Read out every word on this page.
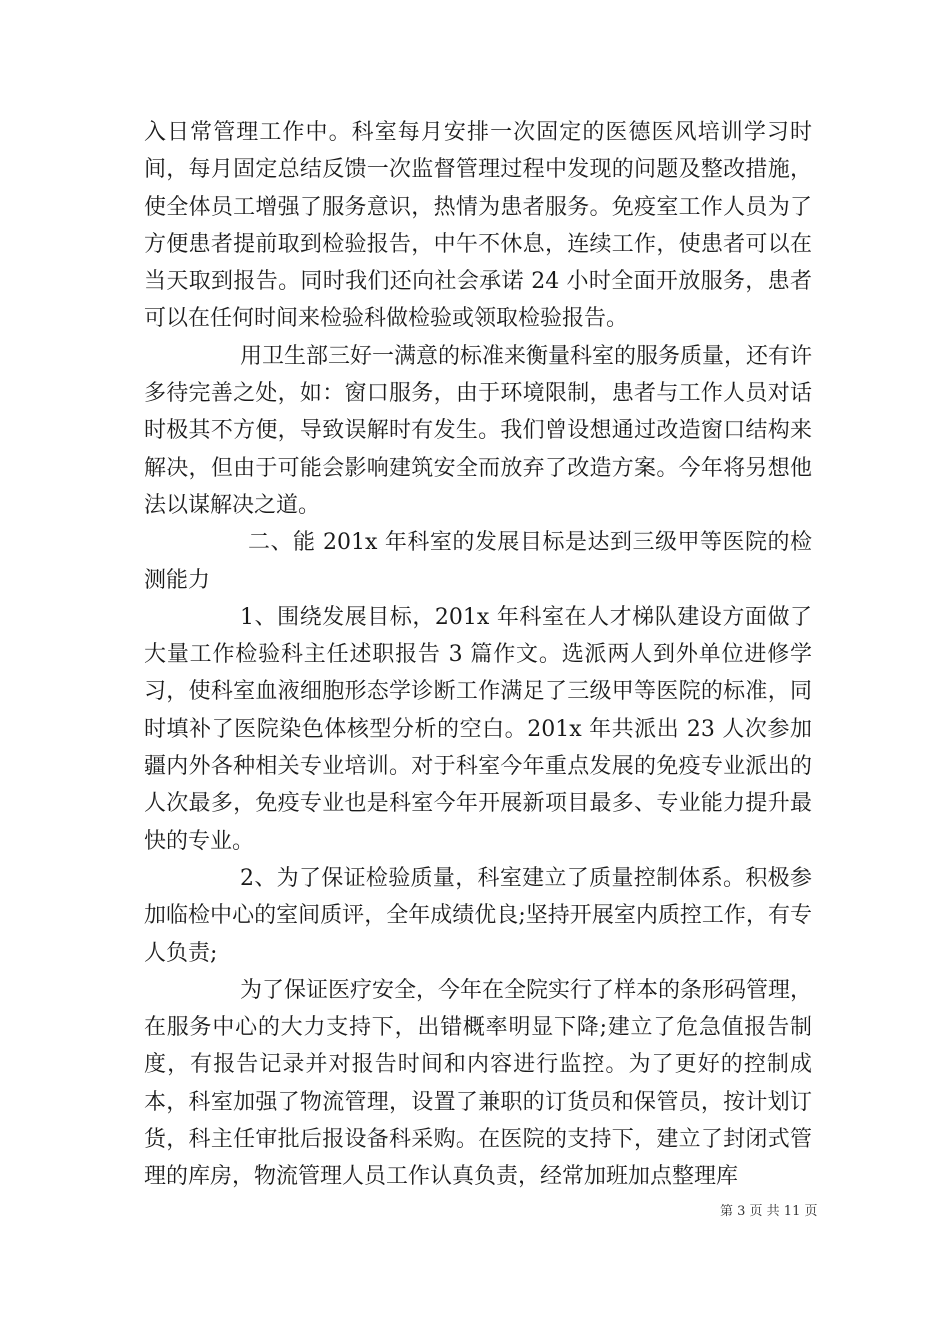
入日常管理工作中。科室每月安排一次固定的医德医风培训学习时间，每月固定总结反馈一次监督管理过程中发现的问题及整改措施，使全体员工增强了服务意识，热情为患者服务。免疫室工作人员为了方便患者提前取到检验报告，中午不休息，连续工作，使患者可以在当天取到报告。同时我们还向社会承诺 24 小时全面开放服务，患者可以在任何时间来检验科做检验或领取检验报告。

用卫生部三好一满意的标准来衡量科室的服务质量，还有许多待完善之处，如：窗口服务，由于环境限制，患者与工作人员对话时极其不方便，导致误解时有发生。我们曾设想通过改造窗口结构来解决，但由于可能会影响建筑安全而放弃了改造方案。今年将另想他法以谋解决之道。

二、能 201x 年科室的发展目标是达到三级甲等医院的检测能力

1、围绕发展目标，201x 年科室在人才梯队建设方面做了大量工作检验科主任述职报告 3 篇作文。选派两人到外单位进修学习，使科室血液细胞形态学诊断工作满足了三级甲等医院的标准，同时填补了医院染色体核型分析的空白。201x 年共派出 23 人次参加疆内外各种相关专业培训。对于科室今年重点发展的免疫专业派出的人次最多，免疫专业也是科室今年开展新项目最多、专业能力提升最快的专业。

2、为了保证检验质量，科室建立了质量控制体系。积极参加临检中心的室间质评，全年成绩优良;坚持开展室内质控工作，有专人负责;

为了保证医疗安全，今年在全院实行了样本的条形码管理，在服务中心的大力支持下，出错概率明显下降;建立了危急值报告制度，有报告记录并对报告时间和内容进行监控。为了更好的控制成本，科室加强了物流管理，设置了兼职的订货员和保管员，按计划订货，科主任审批后报设备科采购。在医院的支持下，建立了封闭式管理的库房，物流管理人员工作认真负责，经常加班加点整理库

第 3 页 共 11 页
